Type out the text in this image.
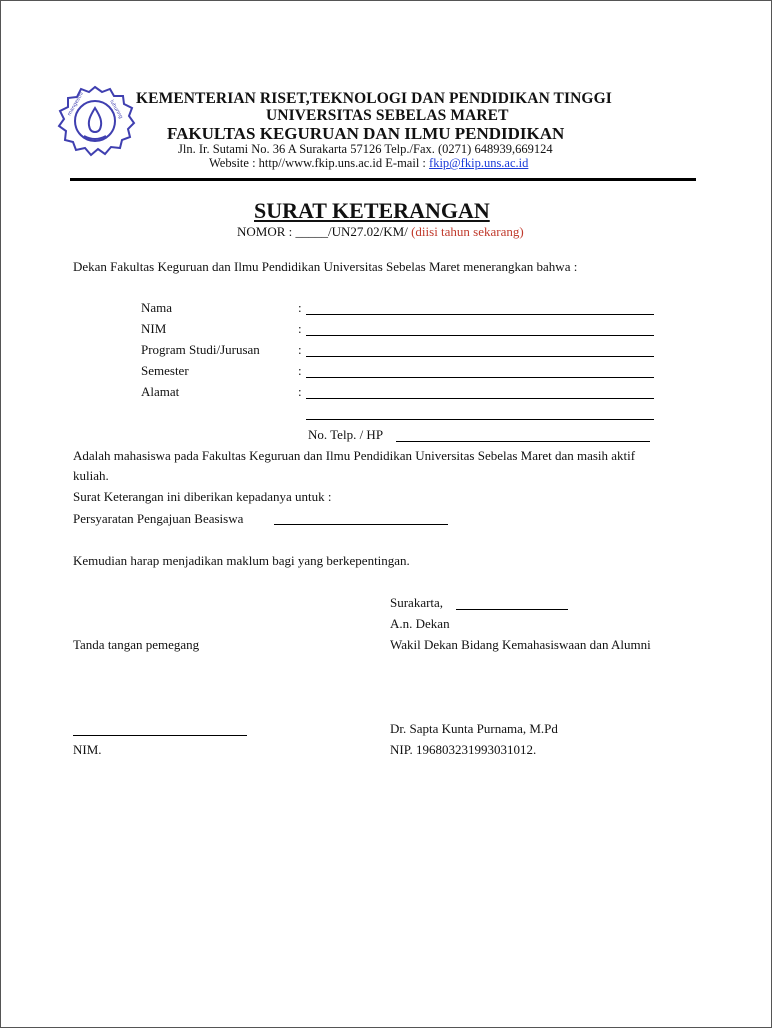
mangesthi	luhuring
KEMENTERIAN RISET,TEKNOLOGI DAN PENDIDIKAN TINGGI
UNIVERSITAS SEBELAS MARET
FAKULTAS KEGURUAN DAN ILMU PENDIDIKAN
Jln. Ir. Sutami No. 36 A Surakarta 57126 Telp./Fax. (0271) 648939,669124
Website : http//www.fkip.uns.ac.id E-mail : fkip@fkip.uns.ac.id
SURAT KETERANGAN
NOMOR : _____/UN27.02/KM/ (diisi tahun sekarang)
Dekan Fakultas Keguruan dan Ilmu Pendidikan Universitas Sebelas Maret menerangkan bahwa :
Nama	:
NIM	:
Program Studi/Jurusan	:
Semester	:
Alamat	:
No. Telp. / HP
Adalah mahasiswa pada Fakultas Keguruan dan Ilmu Pendidikan Universitas Sebelas Maret dan masih aktif
kuliah.
Surat Keterangan ini diberikan kepadanya untuk :
Persyaratan Pengajuan Beasiswa
Kemudian harap menjadikan maklum bagi yang berkepentingan.
Surakarta,
A.n. Dekan
Tanda tangan pemegang	Wakil Dekan Bidang Kemahasiswaan dan Alumni
Dr. Sapta Kunta Purnama, M.Pd
NIM.	NIP. 196803231993031012.
